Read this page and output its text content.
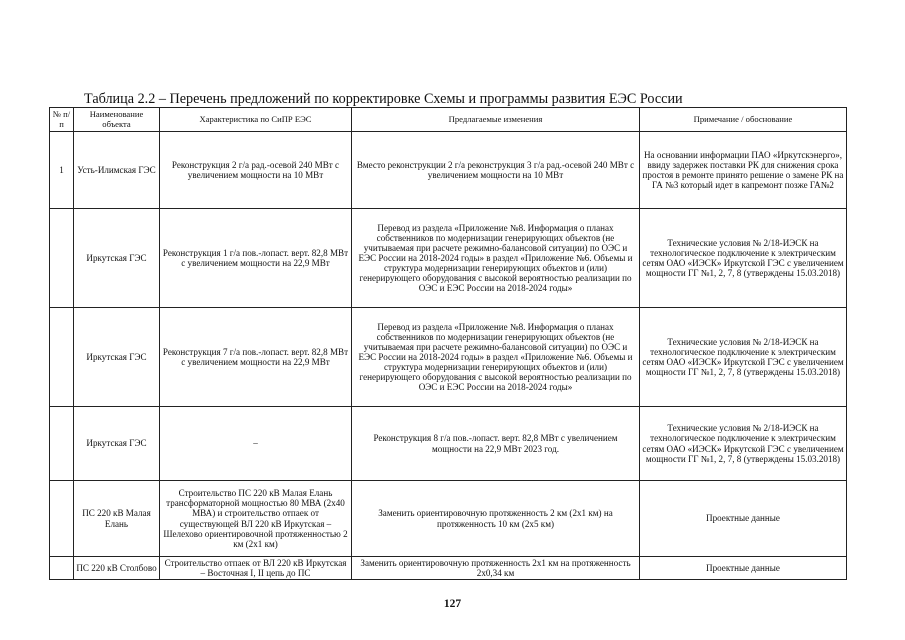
Таблица 2.2 – Перечень предложений по корректировке Схемы и программы развития ЕЭС России
№ п/п	Наименование объекта	Характеристика по СиПР ЕЭС	Предлагаемые изменения	Примечание / обоснование
1	Усть-Илимская ГЭС	Реконструкция 2 г/а рад.-осевой 240 МВт с увеличением мощности на 10 МВт	Вместо реконструкции 2 г/а реконструкция 3 г/а рад.-осевой 240 МВт с увеличением мощности на 10 МВт	На основании информации ПАО «Иркутскэнерго», ввиду задержек поставки РК для снижения срока простоя в ремонте принято решение о замене РК на ГА №3 который идет в капремонт позже ГА№2
	Иркутская ГЭС	Реконструкция 1 г/а пов.-лопаст. верт. 82,8 МВт с увеличением мощности на 22,9 МВт	Перевод из раздела «Приложение №8. Информация о планах собственников по модернизации генерирующих объектов (не учитываемая при расчете режимно-балансовой ситуации) по ОЭС и ЕЭС России на 2018-2024 годы» в раздел «Приложение №6. Объемы и структура модернизации генерирующих объектов и (или) генерирующего оборудования с высокой вероятностью реализации по ОЭС и ЕЭС России на 2018-2024 годы»	Технические условия № 2/18-ИЭСК на технологическое подключение к электрическим сетям ОАО «ИЭСК» Иркутской ГЭС с увеличением мощности ГГ №1, 2, 7, 8 (утверждены 15.03.2018)
	Иркутская ГЭС	Реконструкция 7 г/а пов.-лопаст. верт. 82,8 МВт с увеличением мощности на 22,9 МВт	Перевод из раздела «Приложение №8. Информация о планах собственников по модернизации генерирующих объектов (не учитываемая при расчете режимно-балансовой ситуации) по ОЭС и ЕЭС России на 2018-2024 годы» в раздел «Приложение №6. Объемы и структура модернизации генерирующих объектов и (или) генерирующего оборудования с высокой вероятностью реализации по ОЭС и ЕЭС России на 2018-2024 годы»	Технические условия № 2/18-ИЭСК на технологическое подключение к электрическим сетям ОАО «ИЭСК» Иркутской ГЭС с увеличением мощности ГГ №1, 2, 7, 8 (утверждены 15.03.2018)
	Иркутская ГЭС	–	Реконструкция 8 г/а пов.-лопаст. верт. 82,8 МВт с увеличением мощности на 22,9 МВт 2023 год.	Технические условия № 2/18-ИЭСК на технологическое подключение к электрическим сетям ОАО «ИЭСК» Иркутской ГЭС с увеличением мощности ГГ №1, 2, 7, 8 (утверждены 15.03.2018)
	ПС 220 кВ Малая Елань	Строительство ПС 220 кВ Малая Елань трансформаторной мощностью 80 МВА (2х40 МВА) и строительство отпаек от существующей ВЛ 220 кВ Иркутская – Шелехово ориентировочной протяженностью 2 км (2х1 км)	Заменить ориентировочную протяженность 2 км (2х1 км) на протяженность 10 км (2х5 км)	Проектные данные
	ПС 220 кВ Столбово	Строительство отпаек от ВЛ 220 кВ Иркутская – Восточная I, II цепь до ПС	Заменить ориентировочную протяженность 2х1 км на протяженность 2х0,34 км	Проектные данные
127
